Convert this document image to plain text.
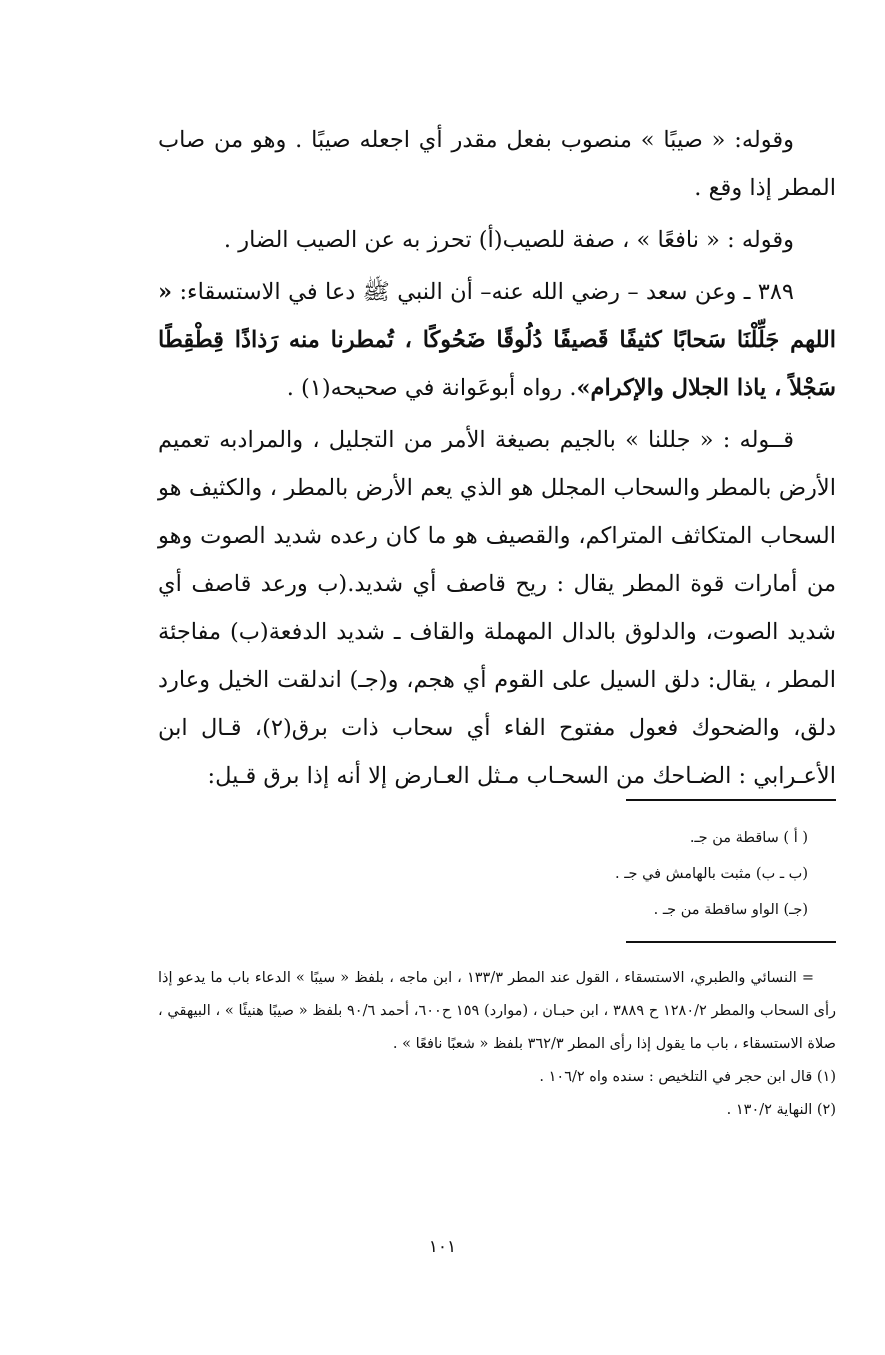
وقوله: « صيبًا » منصوب بفعل مقدر أي اجعله صيبًا . وهو من صاب المطر إذا وقع .

وقوله : « نافعًا » ، صفة للصيب(أ) تحرز به عن الصيب الضار .

٣٨٩ ـ وعن سعد – رضي الله عنه– أن النبي ﷺ دعا في الاستسقاء: « اللهم جَلِّلْنَا سَحابًا كثيفًا قَصيفًا دُلُوقًا ضَحُوكًا ، تُمطرنا منه رَذاذًا قِطْقِطًا سَجْلاً ، ياذا الجلال والإكرام». رواه أبوعَوانة في صحيحه(١) .

قــوله : « جللنا » بالجيم بصيغة الأمر من التجليل ، والمرادبه تعميم الأرض بالمطر والسحاب المجلل هو الذي يعم الأرض بالمطر ، والكثيف هو السحاب المتكاثف المتراكم، والقصيف هو ما كان رعده شديد الصوت وهو من أمارات قوة المطر يقال : ريح قاصف أي شديد.(ب ورعد قاصف أي شديد الصوت، والدلوق بالدال المهملة والقاف ـ شديد الدفعة(ب) مفاجئة المطر ، يقال: دلق السيل على القوم أي هجم، و(جـ) اندلقت الخيل وعارد دلق، والضحوك فعول مفتوح الفاء أي سحاب ذات برق(٢)، قـال ابن الأعـرابي : الضـاحك من السحـاب مـثل العـارض إلا أنه إذا برق قـيل:

( أ ) ساقطة من جـ.

(ب ـ ب) مثبت بالهامش في جـ .

(جـ) الواو ساقطة من جـ .

= النسائي والطبري، الاستسقاء ، القول عند المطر ١٣٣/٣ ، ابن ماجه ، بلفظ « سيبًا » الدعاء باب ما يدعو إذا رأى السحاب والمطر ١٢٨٠/٢ ح ٣٨٨٩ ، ابن حبـان ، (موارد) ١٥٩ ح٦٠٠، أحمد ٩٠/٦ بلفظ « صيبًا هنيئًا » ، البيهقي ، صلاة الاستسقاء ، باب ما يقول إذا رأى المطر ٣٦٢/٣ بلفظ « شعبًا نافعًا » .

(١) قال ابن حجر في التلخيص : سنده واه ١٠٦/٢ .

(٢) النهاية ١٣٠/٢ .

١٠١
